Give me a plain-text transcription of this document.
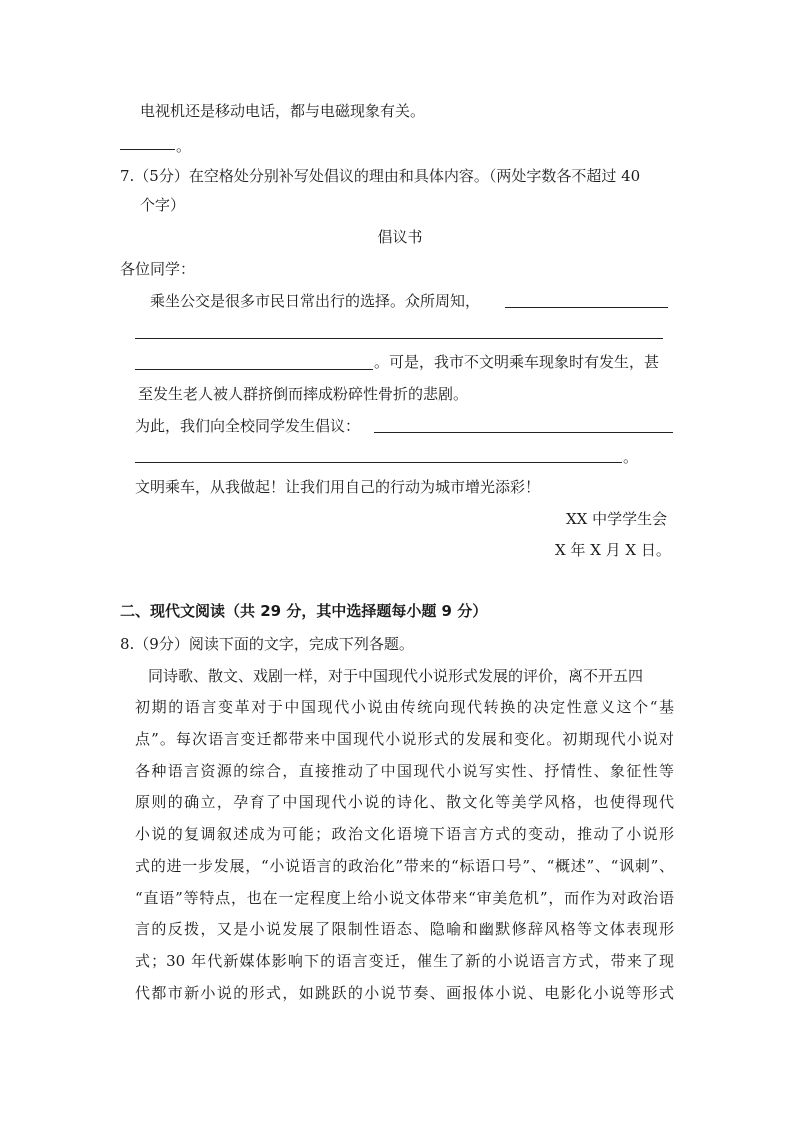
电视机还是移动电话，都与电磁现象有关。
。
7.（5分）在空格处分别补写处倡议的理由和具体内容。（两处字数各不超过 40
个字）
倡议书
各位同学：
乘坐公交是很多市民日常出行的选择。众所周知，
。可是，我市不文明乘车现象时有发生，甚
至发生老人被人群挤倒而摔成粉碎性骨折的悲剧。
为此，我们向全校同学发生倡议：
。
文明乘车，从我做起！让我们用自己的行动为城市增光添彩！
XX 中学学生会
X 年 X 月 X 日。
二、现代文阅读（共 29 分，其中选择题每小题 9 分）
8.（9分）阅读下面的文字，完成下列各题。
同诗歌、散文、戏剧一样，对于中国现代小说形式发展的评价，离不开五四
初期的语言变革对于中国现代小说由传统向现代转换的决定性意义这个“基
点”。每次语言变迁都带来中国现代小说形式的发展和变化。初期现代小说对
各种语言资源的综合，直接推动了中国现代小说写实性、抒情性、象征性等
原则的确立，孕育了中国现代小说的诗化、散文化等美学风格，也使得现代
小说的复调叙述成为可能；政治文化语境下语言方式的变动，推动了小说形
式的进一步发展，“小说语言的政治化”带来的“标语口号”、“概述”、“讽刺”、
“直语”等特点，也在一定程度上给小说文体带来“审美危机”，而作为对政治语
言的反拨，又是小说发展了限制性语态、隐喻和幽默修辞风格等文体表现形
式；30 年代新媒体影响下的语言变迁，催生了新的小说语言方式，带来了现
代都市新小说的形式，如跳跃的小说节奏、画报体小说、电影化小说等形式
